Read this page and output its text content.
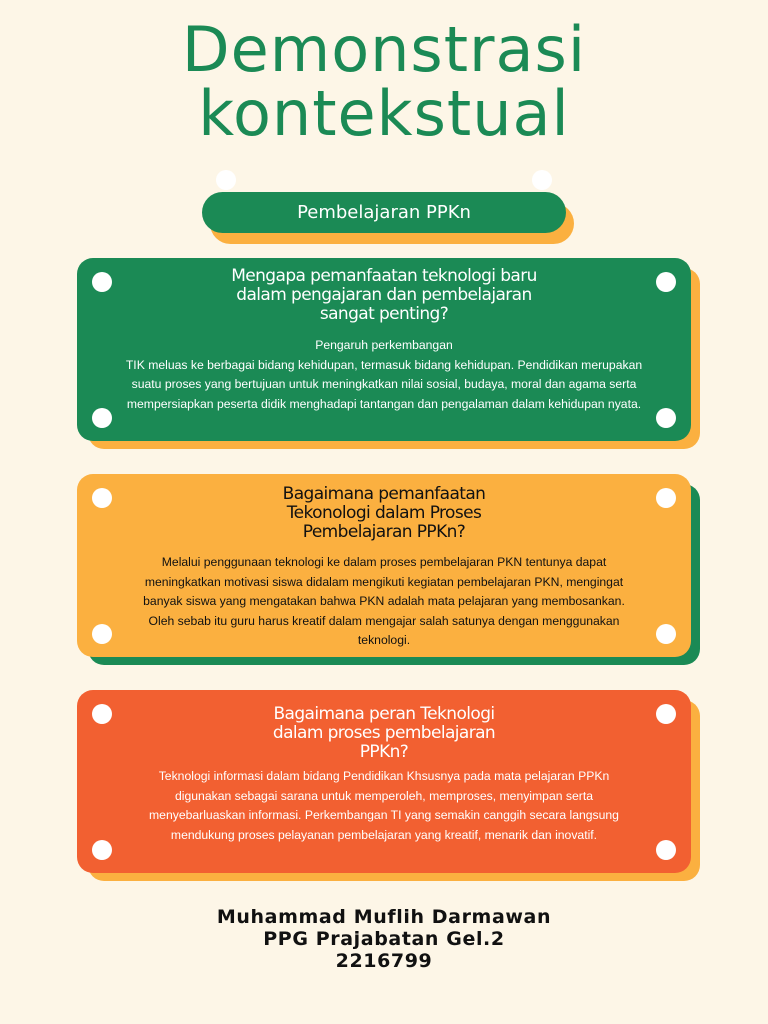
Demonstrasi
kontekstual
Pembelajaran PPKn
Mengapa pemanfaatan teknologi baru
dalam pengajaran dan pembelajaran
sangat penting?

Pengaruh perkembangan
TIK meluas ke berbagai bidang kehidupan, termasuk bidang kehidupan. Pendidikan merupakan
suatu proses yang bertujuan untuk meningkatkan nilai sosial, budaya, moral dan agama serta
mempersiapkan peserta didik menghadapi tantangan dan pengalaman dalam kehidupan nyata.

Bagaimana pemanfaatan
Tekonologi dalam Proses
Pembelajaran PPKn?

Melalui penggunaan teknologi ke dalam proses pembelajaran PKN tentunya dapat
meningkatkan motivasi siswa didalam mengikuti kegiatan pembelajaran PKN, mengingat
banyak siswa yang mengatakan bahwa PKN adalah mata pelajaran yang membosankan.
Oleh sebab itu guru harus kreatif dalam mengajar salah satunya dengan menggunakan
teknologi.

Bagaimana peran Teknologi
dalam proses pembelajaran
PPKn?

Teknologi informasi dalam bidang Pendidikan Khsusnya pada mata pelajaran PPKn
digunakan sebagai sarana untuk memperoleh, memproses, menyimpan serta
menyebarluaskan informasi. Perkembangan TI yang semakin canggih secara langsung
mendukung proses pelayanan pembelajaran yang kreatif, menarik dan inovatif.

Muhammad Muflih Darmawan
PPG Prajabatan Gel.2
2216799
